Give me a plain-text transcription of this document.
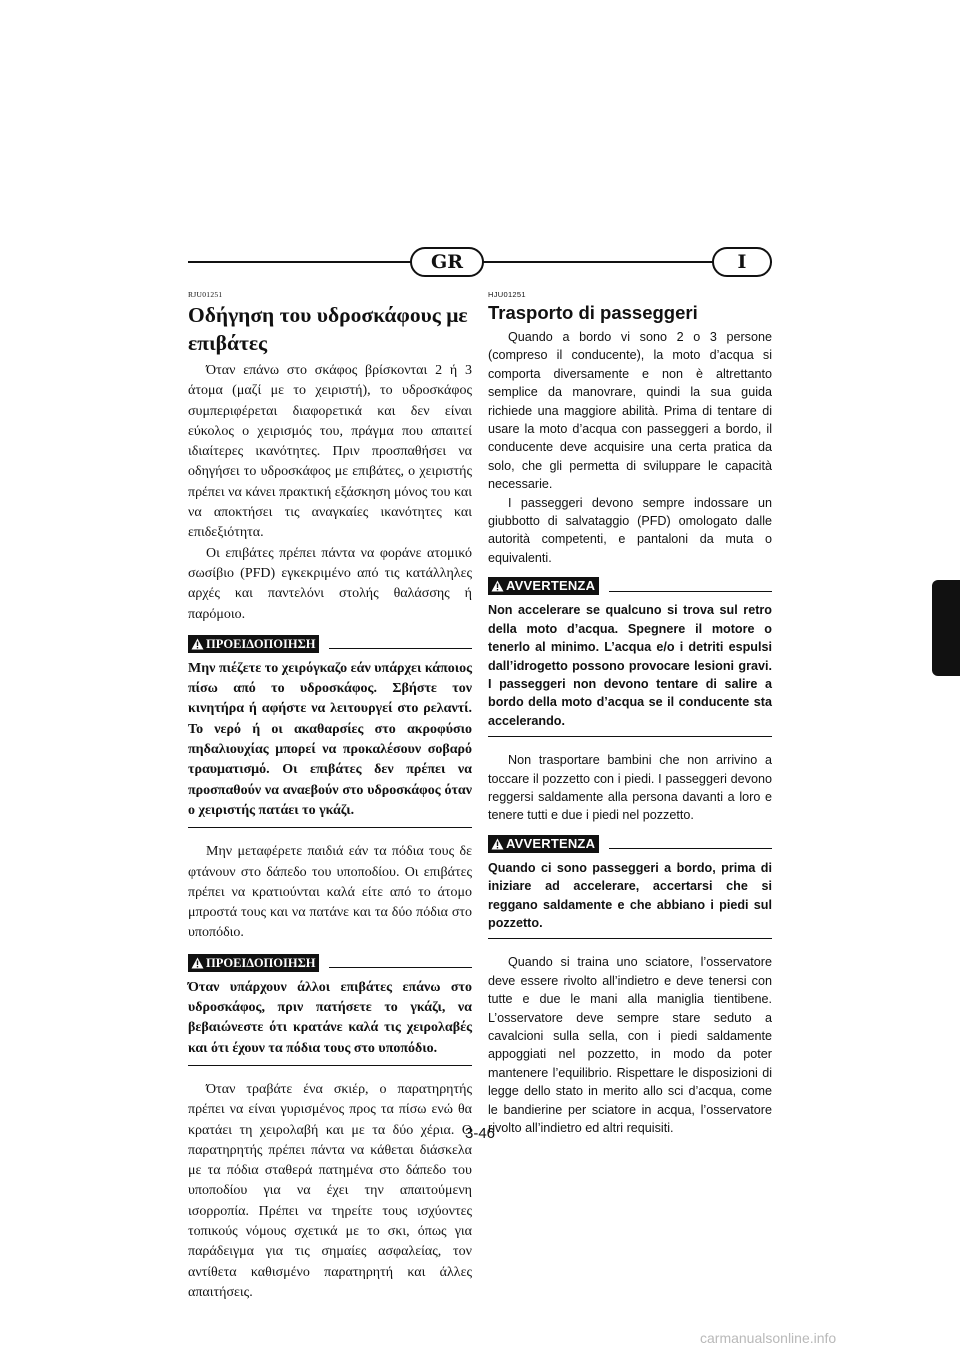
GR	I
RJU01251
Οδήγηση του υδροσκάφους με επιβάτες

Όταν επάνω στο σκάφος βρίσκονται 2 ή 3 άτομα (μαζί με το χειριστή), το υδροσκάφος συμπεριφέρεται διαφορετικά και δεν είναι εύκολος ο χειρισμός του, πράγμα που απαιτεί ιδιαίτερες ικανότητες. Πριν προσπαθήσει να οδηγήσει το υδροσκάφος με επιβάτες, ο χειριστής πρέπει να κάνει πρακτική εξάσκηση μόνος του και να αποκτήσει τις αναγκαίες ικανότητες και επιδεξιότητα.

Οι επιβάτες πρέπει πάντα να φοράνε ατομικό σωσίβιο (PFD) εγκεκριμένο από τις κατάλληλες αρχές και παντελόνι στολής θαλάσσης ή παρόμοιο.

ΠΡΟΕΙΔΟΠΟΙΗΣΗ
Μην πιέζετε το χειρόγκαζο εάν υπάρχει κάποιος πίσω από το υδροσκάφος. Σβήστε τον κινητήρα ή αφήστε να λειτουργεί στο ρελαντί. Το νερό ή οι ακαθαρσίες στο ακροφύσιο πηδαλιουχίας μπορεί να προκαλέσουν σοβαρό τραυματισμό. Οι επιβάτες δεν πρέπει να προσπαθούν να αναεβούν στο υδροσκάφος όταν ο χειριστής πατάει το γκάζι.

Μην μεταφέρετε παιδιά εάν τα πόδια τους δε φτάνουν στο δάπεδο του υποποδίου. Οι επιβάτες πρέπει να κρατιούνται καλά είτε από το άτομο μπροστά τους και να πατάνε και τα δύο πόδια στο υποπόδιο.

ΠΡΟΕΙΔΟΠΟΙΗΣΗ
Όταν υπάρχουν άλλοι επιβάτες επάνω στο υδροσκάφος, πριν πατήσετε το γκάζι, να βεβαιώνεστε ότι κρατάνε καλά τις χειρολαβές και ότι έχουν τα πόδια τους στο υποπόδιο.

Όταν τραβάτε ένα σκιέρ, ο παρατηρητής πρέπει να είναι γυρισμένος προς τα πίσω ενώ θα κρατάει τη χειρολαβή και με τα δύο χέρια. Ο παρατηρητής πρέπει πάντα να κάθεται διάσκελα με τα πόδια σταθερά πατημένα στο δάπεδο του υποποδίου για να έχει την απαιτούμενη ισορροπία. Πρέπει να τηρείτε τους ισχύοντες τοπικούς νόμους σχετικά με το σκι, όπως για παράδειγμα για τις σημαίες ασφαλείας, τον αντίθετα καθισμένο παρατηρητή και άλλες απαιτήσεις.

HJU01251
Trasporto di passeggeri

Quando a bordo vi sono 2 o 3 persone (compreso il conducente), la moto d’acqua si comporta diversamente e non è altrettanto semplice da manovrare, quindi la sua guida richiede una maggiore abilità. Prima di tentare di usare la moto d’acqua con passeggeri a bordo, il conducente deve acquisire una certa pratica da solo, che gli permetta di sviluppare le capacità necessarie.

I passeggeri devono sempre indossare un giubbotto di salvataggio (PFD) omologato dalle autorità competenti, e pantaloni da muta o equivalenti.

AVVERTENZA
Non accelerare se qualcuno si trova sul retro della moto d’acqua. Spegnere il motore o tenerlo al minimo. L’acqua e/o i detriti espulsi dall’idrogetto possono provocare lesioni gravi. I passeggeri non devono tentare di salire a bordo della moto d’acqua se il conducente sta accelerando.

Non trasportare bambini che non arrivino a toccare il pozzetto con i piedi. I passeggeri devono reggersi saldamente alla persona davanti a loro e tenere tutti e due i piedi nel pozzetto.

AVVERTENZA
Quando ci sono passeggeri a bordo, prima di iniziare ad accelerare, accertarsi che si reggano saldamente e che abbiano i piedi sul pozzetto.

Quando si traina uno sciatore, l’osservatore deve essere rivolto all’indietro e deve tenersi con tutte e due le mani alla maniglia tientibene. L’osservatore deve sempre stare seduto a cavalcioni sulla sella, con i piedi saldamente appoggiati nel pozzetto, in modo da poter mantenere l’equilibrio. Rispettare le disposizioni di legge dello stato in merito allo sci d’acqua, come le bandierine per sciatore in acqua, l’osservatore rivolto all’indietro ed altri requisiti.

3-46
carmanualsonline.info
